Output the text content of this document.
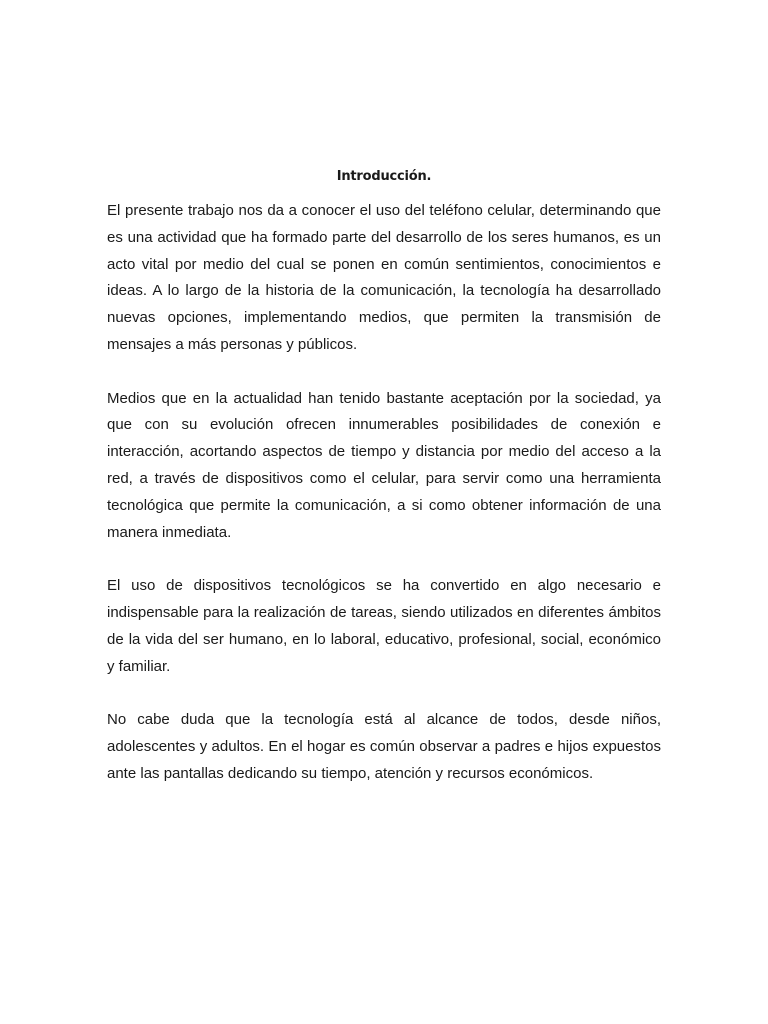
Introducción.

El presente trabajo nos da a conocer el uso del teléfono celular, determinando que es una actividad que ha formado parte del desarrollo de los seres humanos, es un acto vital por medio del cual se ponen en común sentimientos, conocimientos e ideas. A lo largo de la historia de la comunicación, la tecnología ha desarrollado nuevas opciones, implementando medios, que permiten la transmisión de mensajes a más personas y públicos.

Medios que en la actualidad han tenido bastante aceptación por la sociedad, ya que con su evolución ofrecen innumerables posibilidades de conexión e interacción, acortando aspectos de tiempo y distancia por medio del acceso a la red, a través de dispositivos como el celular, para servir como una herramienta tecnológica que permite la comunicación, a si como obtener información de una manera inmediata.

El uso de dispositivos tecnológicos se ha convertido en algo necesario e indispensable para la realización de tareas, siendo utilizados en diferentes ámbitos de la vida del ser humano, en lo laboral, educativo, profesional, social, económico y familiar.

No cabe duda que la tecnología está al alcance de todos, desde niños, adolescentes y adultos. En el hogar es común observar a padres e hijos expuestos ante las pantallas dedicando su tiempo, atención y recursos económicos.
